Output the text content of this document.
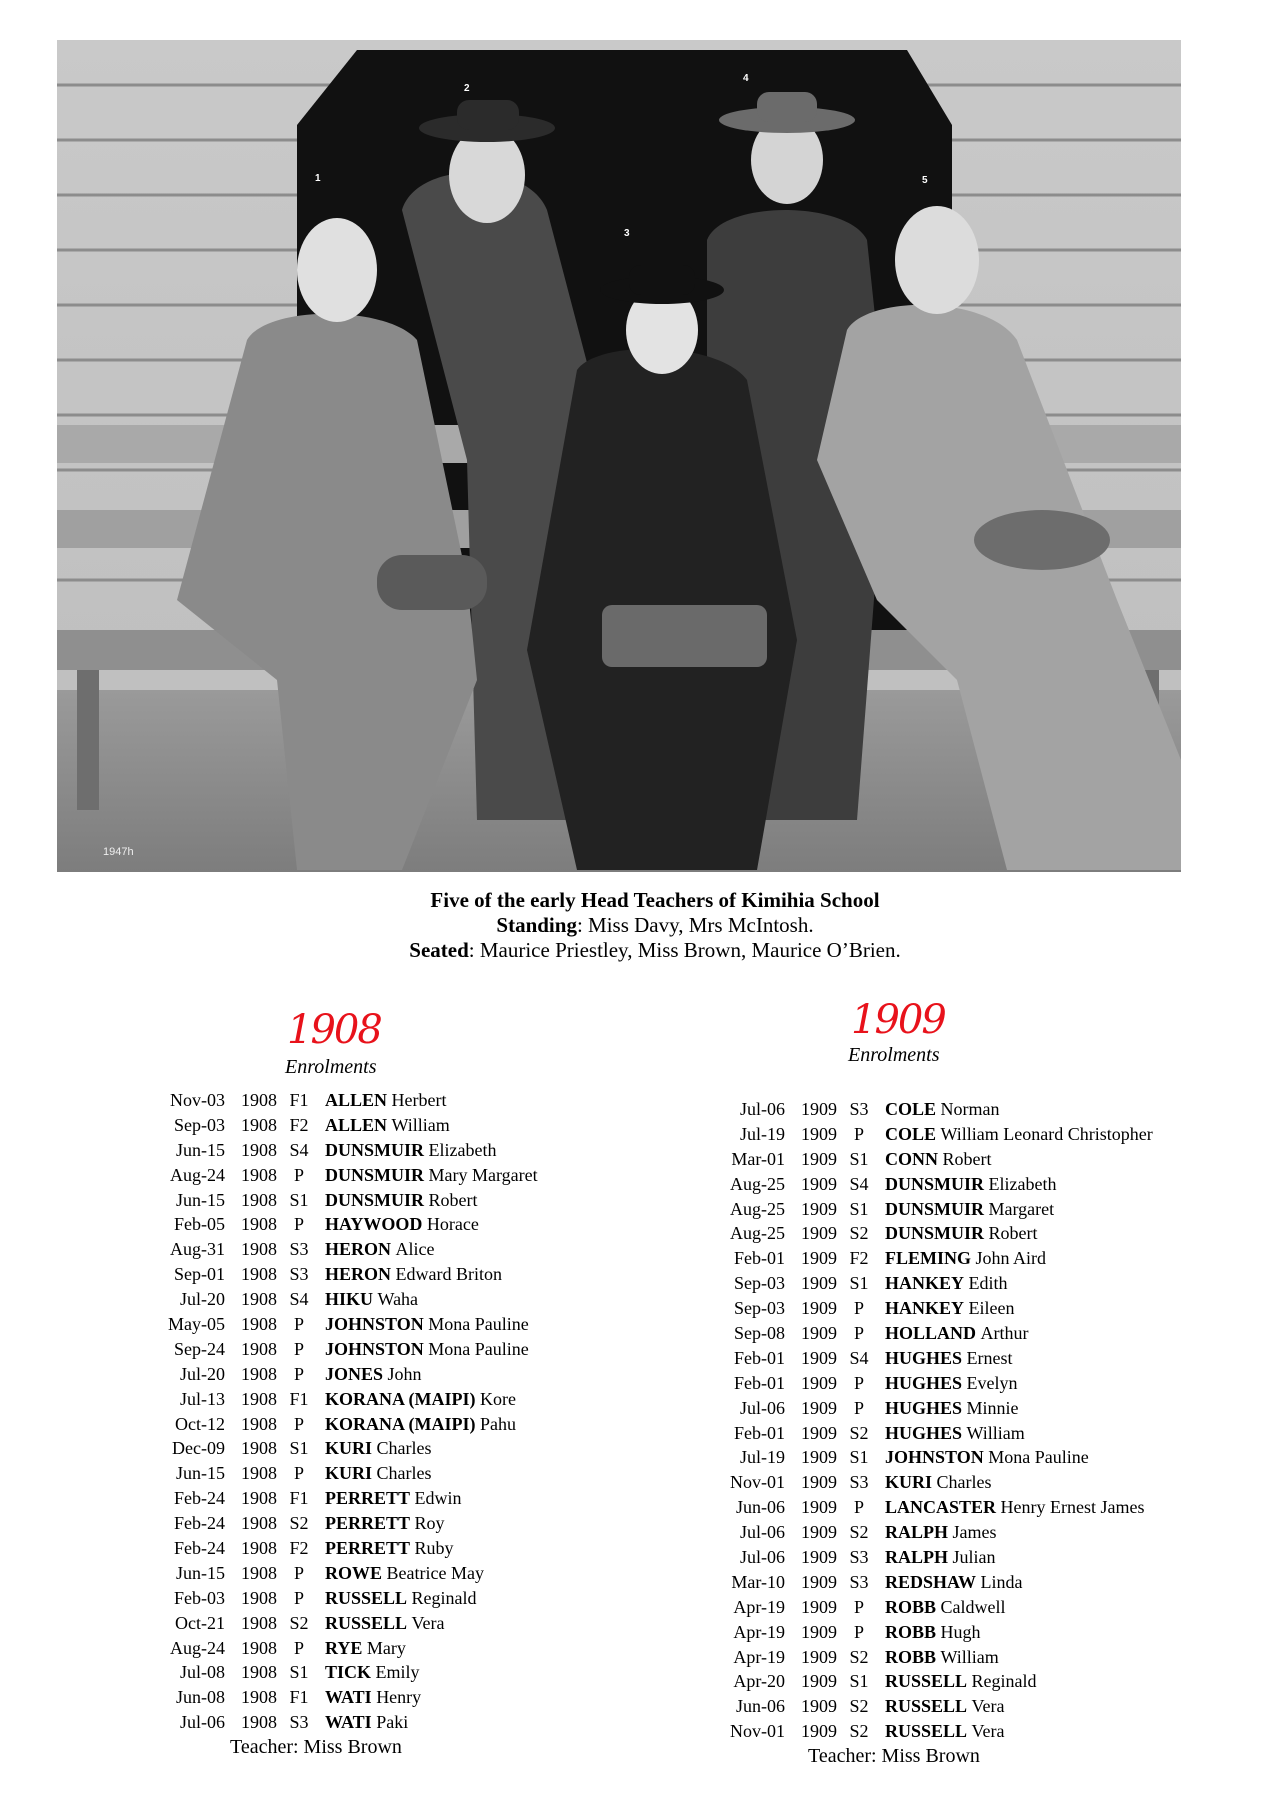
1
2
3
4
5
1947h
Five of the early Head Teachers of Kimihia School
Standing: Miss Davy, Mrs McIntosh.
Seated: Maurice Priestley, Miss Brown, Maurice O’Brien.
1908
Enrolments
Nov-03 1908 F1 ALLEN Herbert
Sep-03 1908 F2 ALLEN William
Jun-15 1908 S4 DUNSMUIR Elizabeth
Aug-24 1908 P DUNSMUIR Mary Margaret
Jun-15 1908 S1 DUNSMUIR Robert
Feb-05 1908 P HAYWOOD Horace
Aug-31 1908 S3 HERON Alice
Sep-01 1908 S3 HERON Edward Briton
Jul-20 1908 S4 HIKU Waha
May-05 1908 P JOHNSTON Mona Pauline
Sep-24 1908 P JOHNSTON Mona Pauline
Jul-20 1908 P JONES John
Jul-13 1908 F1 KORANA (MAIPI) Kore
Oct-12 1908 P KORANA (MAIPI) Pahu
Dec-09 1908 S1 KURI Charles
Jun-15 1908 P KURI Charles
Feb-24 1908 F1 PERRETT Edwin
Feb-24 1908 S2 PERRETT Roy
Feb-24 1908 F2 PERRETT Ruby
Jun-15 1908 P ROWE Beatrice May
Feb-03 1908 P RUSSELL Reginald
Oct-21 1908 S2 RUSSELL Vera
Aug-24 1908 P RYE Mary
Jul-08 1908 S1 TICK Emily
Jun-08 1908 F1 WATI Henry
Jul-06 1908 S3 WATI Paki
Teacher: Miss Brown
1909
Enrolments
Jul-06 1909 S3 COLE Norman
Jul-19 1909 P COLE William Leonard Christopher
Mar-01 1909 S1 CONN Robert
Aug-25 1909 S4 DUNSMUIR Elizabeth
Aug-25 1909 S1 DUNSMUIR Margaret
Aug-25 1909 S2 DUNSMUIR Robert
Feb-01 1909 F2 FLEMING John Aird
Sep-03 1909 S1 HANKEY Edith
Sep-03 1909 P HANKEY Eileen
Sep-08 1909 P HOLLAND Arthur
Feb-01 1909 S4 HUGHES Ernest
Feb-01 1909 P HUGHES Evelyn
Jul-06 1909 P HUGHES Minnie
Feb-01 1909 S2 HUGHES William
Jul-19 1909 S1 JOHNSTON Mona Pauline
Nov-01 1909 S3 KURI Charles
Jun-06 1909 P LANCASTER Henry Ernest James
Jul-06 1909 S2 RALPH James
Jul-06 1909 S3 RALPH Julian
Mar-10 1909 S3 REDSHAW Linda
Apr-19 1909 P ROBB Caldwell
Apr-19 1909 P ROBB Hugh
Apr-19 1909 S2 ROBB William
Apr-20 1909 S1 RUSSELL Reginald
Jun-06 1909 S2 RUSSELL Vera
Nov-01 1909 S2 RUSSELL Vera
Teacher: Miss Brown
